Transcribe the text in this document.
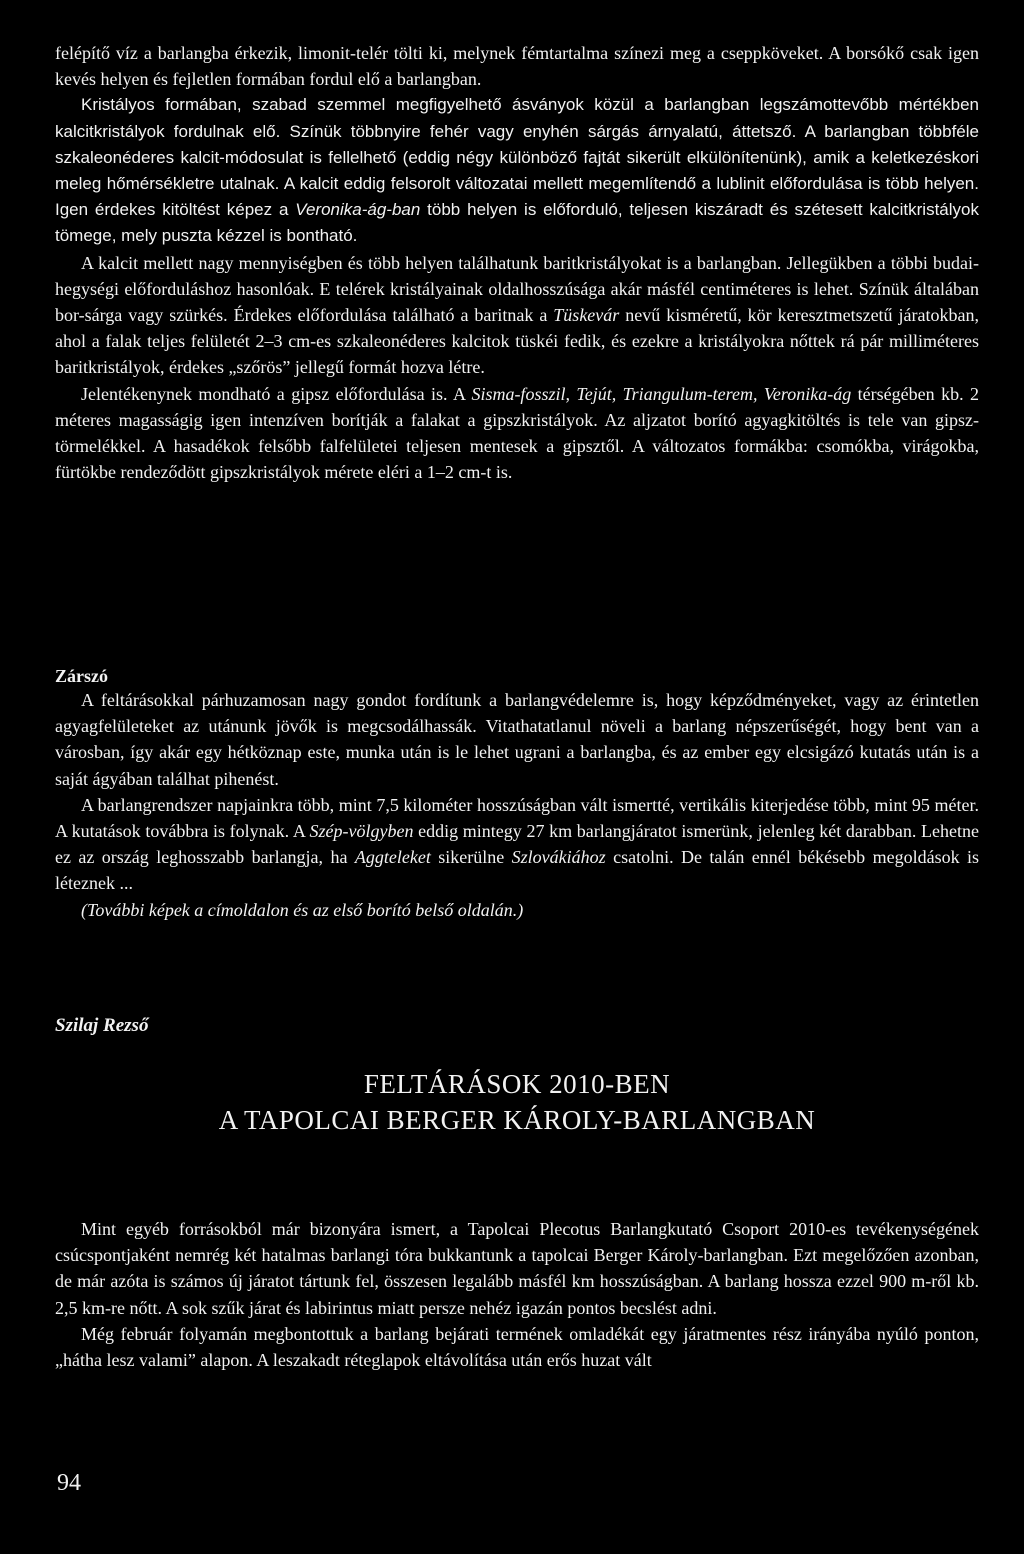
felépítő víz a barlangba érkezik, limonit-telér tölti ki, melynek fémtartalma színezi meg a cseppköveket. A borsókő csak igen kevés helyen és fejletlen formában fordul elő a barlangban.

Kristályos formában, szabad szemmel megfigyelhető ásványok közül a barlangban legszámottevőbb mértékben kalcitkristályok fordulnak elő. Színük többnyire fehér vagy enyhén sárgás árnyalatú, áttetsző. A barlangban többféle szkaleonéderes kalcit-módosulat is fellelhető (eddig négy különböző fajtát sikerült elkülönítenünk), amik a keletkezéskori meleg hőmérsékletre utalnak. A kalcit eddig felsorolt változatai mellett megemlítendő a lublinit előfordulása is több helyen. Igen érdekes kitöltést képez a Veronika-ág-ban több helyen is előforduló, teljesen kiszáradt és szétesett kalcitkristályok tömege, mely puszta kézzel is bontható.

A kalcit mellett nagy mennyiségben és több helyen találhatunk baritkristályokat is a barlangban. Jellegükben a többi budai-hegységi előforduláshoz hasonlóak. E telérek kristályainak oldalhosszúsága akár másfél centiméteres is lehet. Színük általában bor-sárga vagy szürkés. Érdekes előfordulása található a baritnak a Tüskevár nevű kisméretű, kör keresztmetszetű járatokban, ahol a falak teljes felületét 2–3 cm-es szkaleonéderes kalcitok tüskéi fedik, és ezekre a kristályokra nőttek rá pár milliméteres baritkristályok, érdekes „szőrös” jellegű formát hozva létre.

Jelentékenynek mondható a gipsz előfordulása is. A Sisma-fosszil, Tejút, Triangulum-terem, Veronika-ág térségében kb. 2 méteres magasságig igen intenzíven borítják a falakat a gipszkristályok. Az aljzatot borító agyagkitöltés is tele van gipsz-törmelékkel. A hasadékok felsőbb falfelületei teljesen mentesek a gipsztől. A változatos formákba: csomókba, virágokba, fürtökbe rendeződött gipszkristályok mérete eléri a 1–2 cm-t is.

Zárszó

A feltárásokkal párhuzamosan nagy gondot fordítunk a barlangvédelemre is, hogy képződményeket, vagy az érintetlen agyagfelületeket az utánunk jövők is megcsodálhassák. Vitathatatlanul növeli a barlang népszerűségét, hogy bent van a városban, így akár egy hétköznap este, munka után is le lehet ugrani a barlangba, és az ember egy elcsigázó kutatás után is a saját ágyában találhat pihenést.

A barlangrendszer napjainkra több, mint 7,5 kilométer hosszúságban vált ismertté, vertikális kiterjedése több, mint 95 méter. A kutatások továbbra is folynak. A Szép-völgyben eddig mintegy 27 km barlangjáratot ismerünk, jelenleg két darabban. Lehetne ez az ország leghosszabb barlangja, ha Aggteleket sikerülne Szlovákiához csatolni. De talán ennél békésebb megoldások is léteznek ...

(További képek a címoldalon és az első borító belső oldalán.)

Szilaj Rezső

FELTÁRÁSOK 2010-BEN
A TAPOLCAI BERGER KÁROLY-BARLANGBAN

Mint egyéb forrásokból már bizonyára ismert, a Tapolcai Plecotus Barlangkutató Csoport 2010-es tevékenységének csúcspontjaként nemrég két hatalmas barlangi tóra bukkantunk a tapolcai Berger Károly-barlangban. Ezt megelőzően azonban, de már azóta is számos új járatot tártunk fel, összesen legalább másfél km hosszúságban. A barlang hossza ezzel 900 m-ről kb. 2,5 km-re nőtt. A sok szűk járat és labirintus miatt persze nehéz igazán pontos becslést adni.

Még február folyamán megbontottuk a barlang bejárati termének omladékát egy járatmentes rész irányába nyúló ponton, „hátha lesz valami” alapon. A leszakadt réteglapok eltávolítása után erős huzat vált

94
